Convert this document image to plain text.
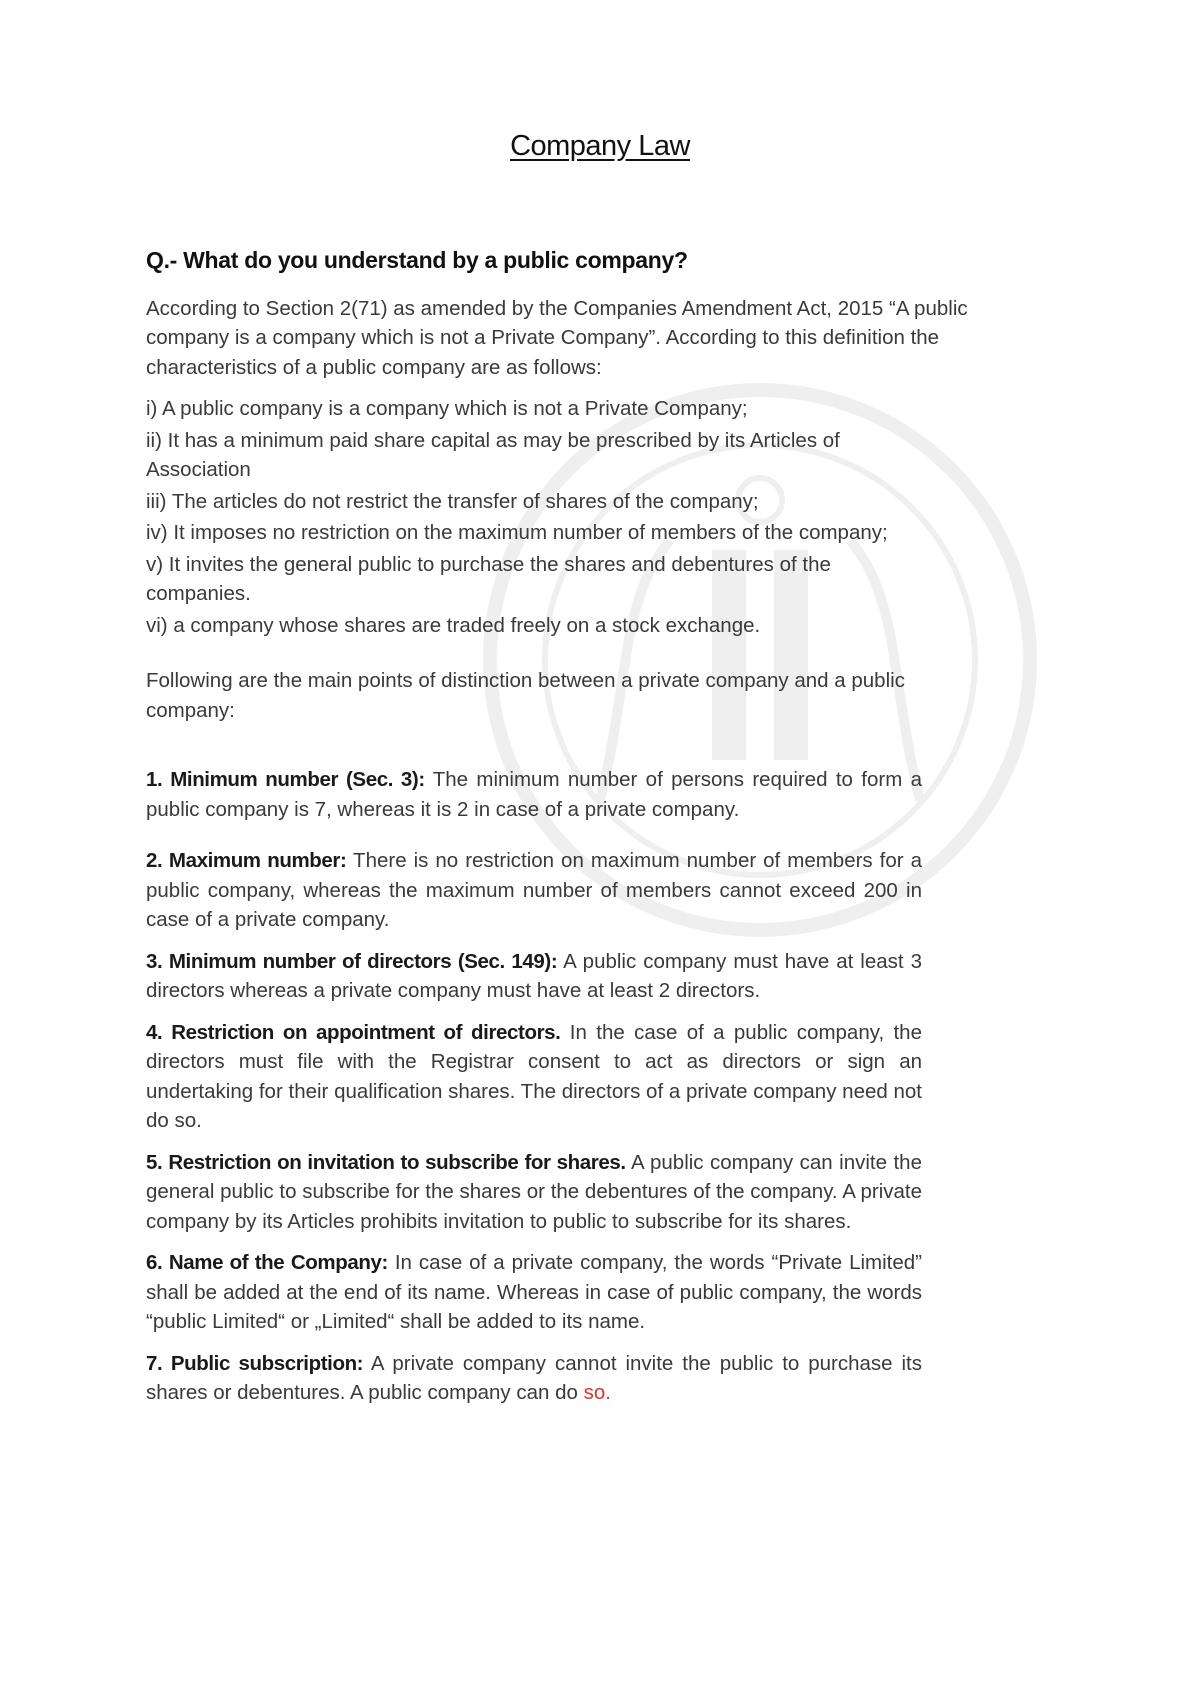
Company Law
Q.- What do you understand by a public company?

According to Section 2(71) as amended by the Companies Amendment Act, 2015 “A public company is a company which is not a Private Company”. According to this definition the characteristics of a public company are as follows:

i) A public company is a company which is not a Private Company;
ii) It has a minimum paid share capital as may be prescribed by its Articles of Association
iii) The articles do not restrict the transfer of shares of the company;
iv) It imposes no restriction on the maximum number of members of the company;
v) It invites the general public to purchase the shares and debentures of the companies.
vi) a company whose shares are traded freely on a stock exchange.

Following are the main points of distinction between a private company and a public company:

1. Minimum number (Sec. 3): The minimum number of persons required to form a public company is 7, whereas it is 2 in case of a private company.

2. Maximum number: There is no restriction on maximum number of members for a public company, whereas the maximum number of members cannot exceed 200 in case of a private company.

3. Minimum number of directors (Sec. 149): A public company must have at least 3 directors whereas a private company must have at least 2 directors.

4. Restriction on appointment of directors. In the case of a public company, the directors must file with the Registrar consent to act as directors or sign an undertaking for their qualification shares. The directors of a private company need not do so.

5. Restriction on invitation to subscribe for shares. A public company can invite the general public to subscribe for the shares or the debentures of the company. A private company by its Articles prohibits invitation to public to subscribe for its shares.

6. Name of the Company: In case of a private company, the words “Private Limited” shall be added at the end of its name. Whereas in case of public company, the words “public Limited“ or „Limited“ shall be added to its name.

7. Public subscription: A private company cannot invite the public to purchase its shares or debentures. A public company can do so.
